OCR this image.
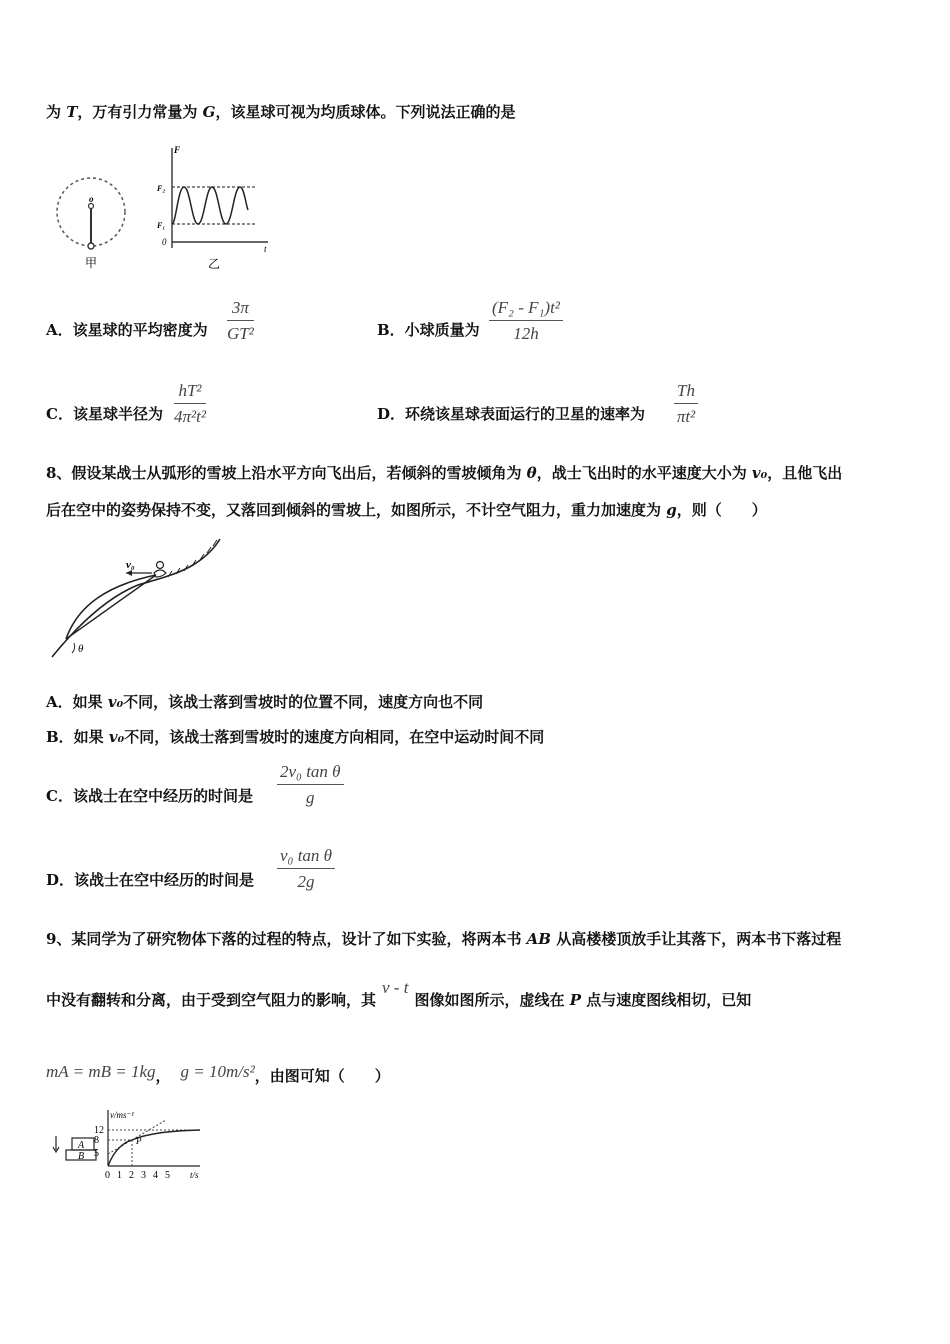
为 T，万有引力常量为 G，该星球可视为均质球体。下列说法正确的是
o
甲
F
t
0
F₂
F₁
乙
A．该星球的平均密度为 $\frac{3\pi}{\text{GT²}}$	B．小球质量为 $\frac{\text{(F₂ - F₁)t²}}{12h}$
C．该星球半径为 $\frac{\text{hT²}}{\text{4π²t²}}$	D．环绕该星球表面运行的卫星的速率为 $\frac{Th}{\text{πt²}}$
8、假设某战士从弧形的雪坡上沿水平方向飞出后，若倾斜的雪坡倾角为 θ，战士飞出时的水平速度大小为 v₀，且他飞出
后在空中的姿势保持不变，又落回到倾斜的雪坡上，如图所示，不计空气阻力，重力加速度为 g，则（　　）
v₀
θ
A．如果 v₀不同，该战士落到雪坡时的位置不同，速度方向也不同
B．如果 v₀不同，该战士落到雪坡时的速度方向相同，在空中运动时间不同
C．该战士在空中经历的时间是 $\frac{\text{2v₀ tan θ}}{g}$
D．该战士在空中经历的时间是 $\frac{\text{v₀ tan θ}}{2g}$
9、某同学为了研究物体下落的过程的特点，设计了如下实验，将两本书 AB 从高楼楼顶放手让其落下，两本书下落过程
中没有翻转和分离，由于受到空气阻力的影响，其v - t图像如图所示，虚线在 P 点与速度图线相切，已知
mA = mB = 1kg， g = 10m/s²，由图可知（　　）
A
B
v/ms⁻¹
t/s
12
8
5
0 1 2 3 4 5
P
